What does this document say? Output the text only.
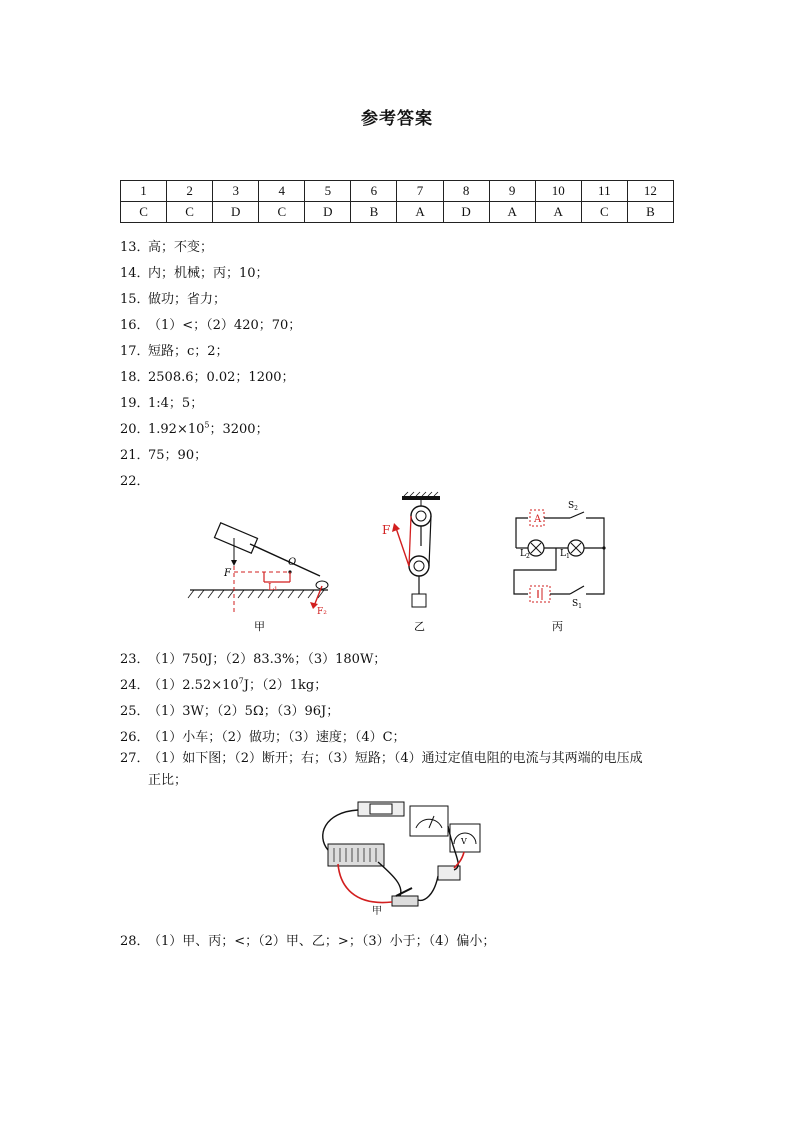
参考答案
1	2	3	4	5	6	7	8	9	10	11	12
C	C	D	C	D	B	A	D	A	A	C	B
13．高；不变；
14．内；机械；丙；10；
15．做功；省力；
16．（1）<；（2）420；70；
17．短路；c；2；
18．2508.6；0.02；1200；
19．1:4；5；
20．$1.92\times 10^5$；3200；
21．75；90；
22．
O
F
L₁
F₂
甲
F
乙
A
$S_2$
$L_2$	$L_1$
$S_1$
丙
23．（1）750J；（2）83.3%；（3）180W；
24．$(1)2.52\times 10^7J$；（2）1kg；
25．（1）3W；（2）5Ω；（3）96J；
26．（1）小车；（2）做功；（3）速度；（4）C；
27．（1）如下图；（2）断开；右；（3）短路；（4）通过定值电阻的电流与其两端的电压成
正比；
V
甲
28．（1）甲、丙；<；（2）甲、乙；>；（3）小于；（4）偏小；
